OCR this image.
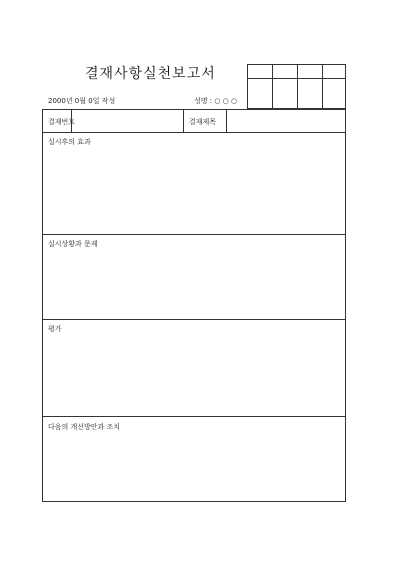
결재사항실천보고서
2000년 0월 0일 작성	성명 : ○ ○ ○
결재번호	결재제목
실시후의 효과
실시상황과 문제
평가
다음의 개선방안과 조치
